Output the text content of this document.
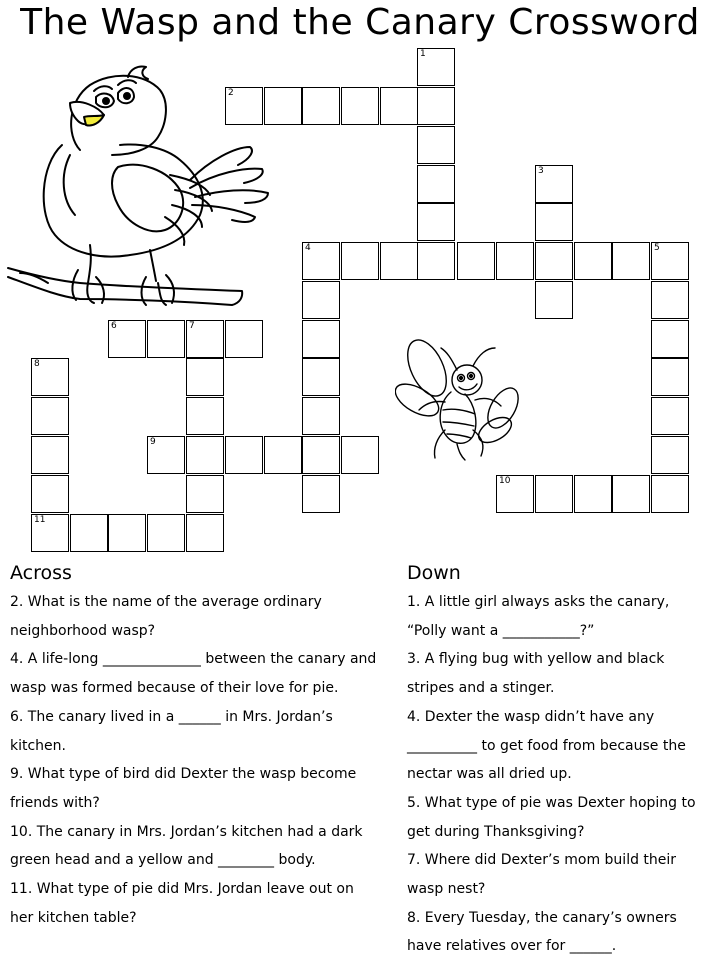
The Wasp and the Canary Crossword
1
2
3
4	5
6	7
8
9
10
11
Across

2. What is the name of the average ordinary neighborhood wasp?

4. A life-long ______________ between the canary and wasp was formed because of their love for pie.

6. The canary lived in a ______ in Mrs. Jordan’s kitchen.

9. What type of bird did Dexter the wasp become friends with?

10. The canary in Mrs. Jordan’s kitchen had a dark green head and a yellow and ________ body.

11. What type of pie did Mrs. Jordan leave out on her kitchen table?

Down

1. A little girl always asks the canary, “Polly want a ___________?”

3. A flying bug with yellow and black stripes and a stinger.

4. Dexter the wasp didn’t have any __________ to get food from because the nectar was all dried up.

5. What type of pie was Dexter hoping to get during Thanksgiving?

7. Where did Dexter’s mom build their wasp nest?

8. Every Tuesday, the canary’s owners have relatives over for ______.
